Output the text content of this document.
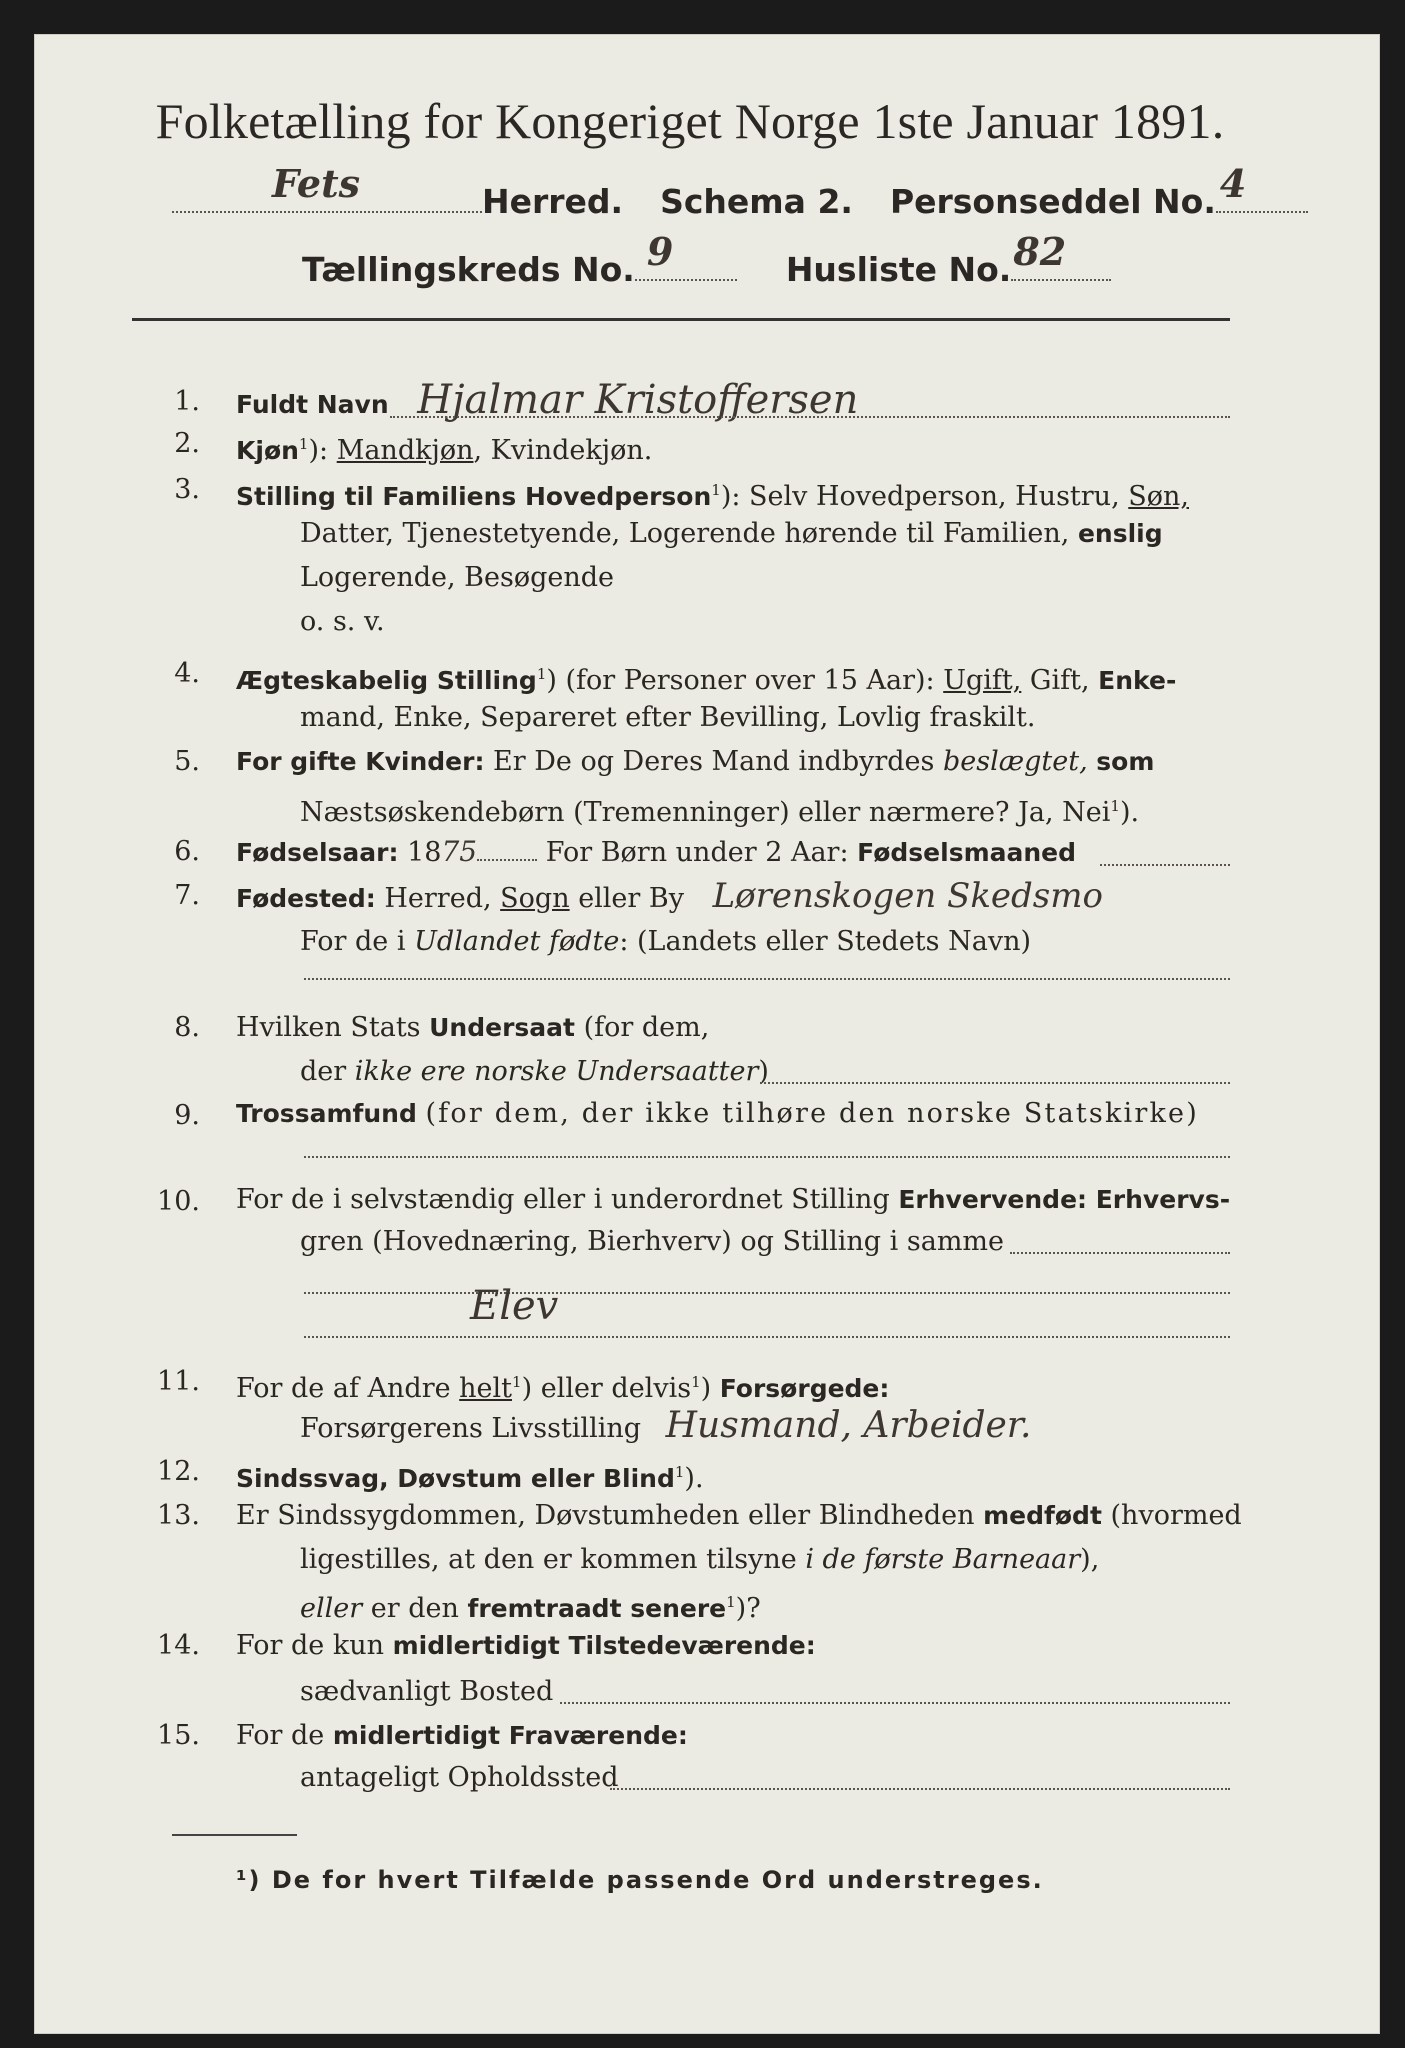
Folketælling for Kongeriget Norge 1ste Januar 1891.
Fets	Herred. Schema 2. Personseddel No. 4
Tællingskreds No. 9	Husliste No. 82
1. Fuldt Navn Hjalmar Kristoffersen
2. Kjøn$^1$): Mandkjøn, Kvindekjøn.
3. Stilling til Familiens Hovedperson$^1$): Selv Hovedperson, Hustru, Søn,
Datter, Tjenestetyende, Logerende hørende til Familien, enslig
Logerende, Besøgende
o. s. v.
4. Ægteskabelig Stilling$^1$) (for Personer over 15 Aar): Ugift, Gift, Enke-
mand, Enke, Separeret efter Bevilling, Lovlig fraskilt.
5. For gifte Kvinder: Er De og Deres Mand indbyrdes beslægtet, som
Næstsøskendebørn (Tremenninger) eller nærmere? Ja, Nei$^1$).
6. Fødselsaar: 1875	For Børn under 2 Aar: Fødselsmaaned
7. Fødested: Herred, Sogn eller By Lørenskogen Skedsmo
For de i Udlandet fødte: (Landets eller Stedets Navn)
8. Hvilken Stats Undersaat (for dem,
der ikke ere norske Undersaatter)
9. Trossamfund (for dem, der ikke tilhøre den norske Statskirke)
10. For de i selvstændig eller i underordnet Stilling Erhvervende: Erhvervs-
gren (Hovednæring, Bierhverv) og Stilling i samme
Elev
11. For de af Andre helt$^1$) eller delvis$^1$) Forsørgede:
Forsørgerens Livsstilling Husmand, Arbeider.
12. Sindssvag, Døvstum eller Blind$^1$).
13. Er Sindssygdommen, Døvstumheden eller Blindheden medfødt (hvormed
ligestilles, at den er kommen tilsyne i de første Barneaar),
eller er den fremtraadt senere$^1$)?
14. For de kun midlertidigt Tilstedeværende:
sædvanligt Bosted
15. For de midlertidigt Fraværende:
antageligt Opholdssted
¹) De for hvert Tilfælde passende Ord understreges.
